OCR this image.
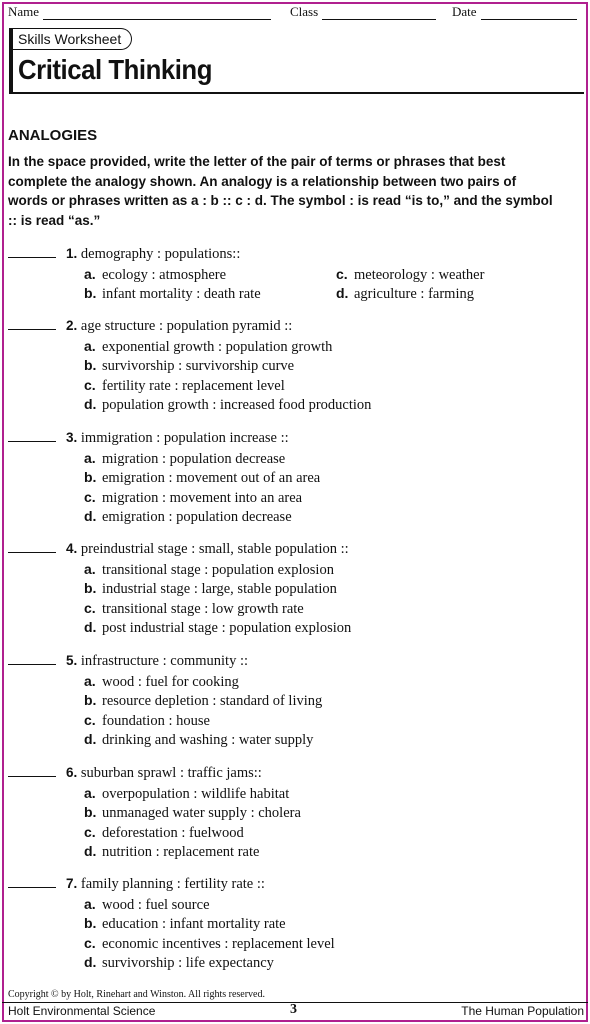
Name	Class	Date
Skills Worksheet
Critical Thinking
ANALOGIES
In the space provided, write the letter of the pair of terms or phrases that best complete the analogy shown. An analogy is a relationship between two pairs of words or phrases written as a : b :: c : d. The symbol : is read “is to,” and the symbol :: is read “as.”
1. demography : populations::
a. ecology : atmosphere
b. infant mortality : death rate
c. meteorology : weather
d. agriculture : farming
2. age structure : population pyramid ::
a. exponential growth : population growth
b. survivorship : survivorship curve
c. fertility rate : replacement level
d. population growth : increased food production
3. immigration : population increase ::
a. migration : population decrease
b. emigration : movement out of an area
c. migration : movement into an area
d. emigration : population decrease
4. preindustrial stage : small, stable population ::
a. transitional stage : population explosion
b. industrial stage : large, stable population
c. transitional stage : low growth rate
d. post industrial stage : population explosion
5. infrastructure : community ::
a. wood : fuel for cooking
b. resource depletion : standard of living
c. foundation : house
d. drinking and washing : water supply
6. suburban sprawl : traffic jams::
a. overpopulation : wildlife habitat
b. unmanaged water supply : cholera
c. deforestation : fuelwood
d. nutrition : replacement rate
7. family planning : fertility rate ::
a. wood : fuel source
b. education : infant mortality rate
c. economic incentives : replacement level
d. survivorship : life expectancy
Copyright © by Holt, Rinehart and Winston. All rights reserved.
Holt Environmental Science	3	The Human Population
